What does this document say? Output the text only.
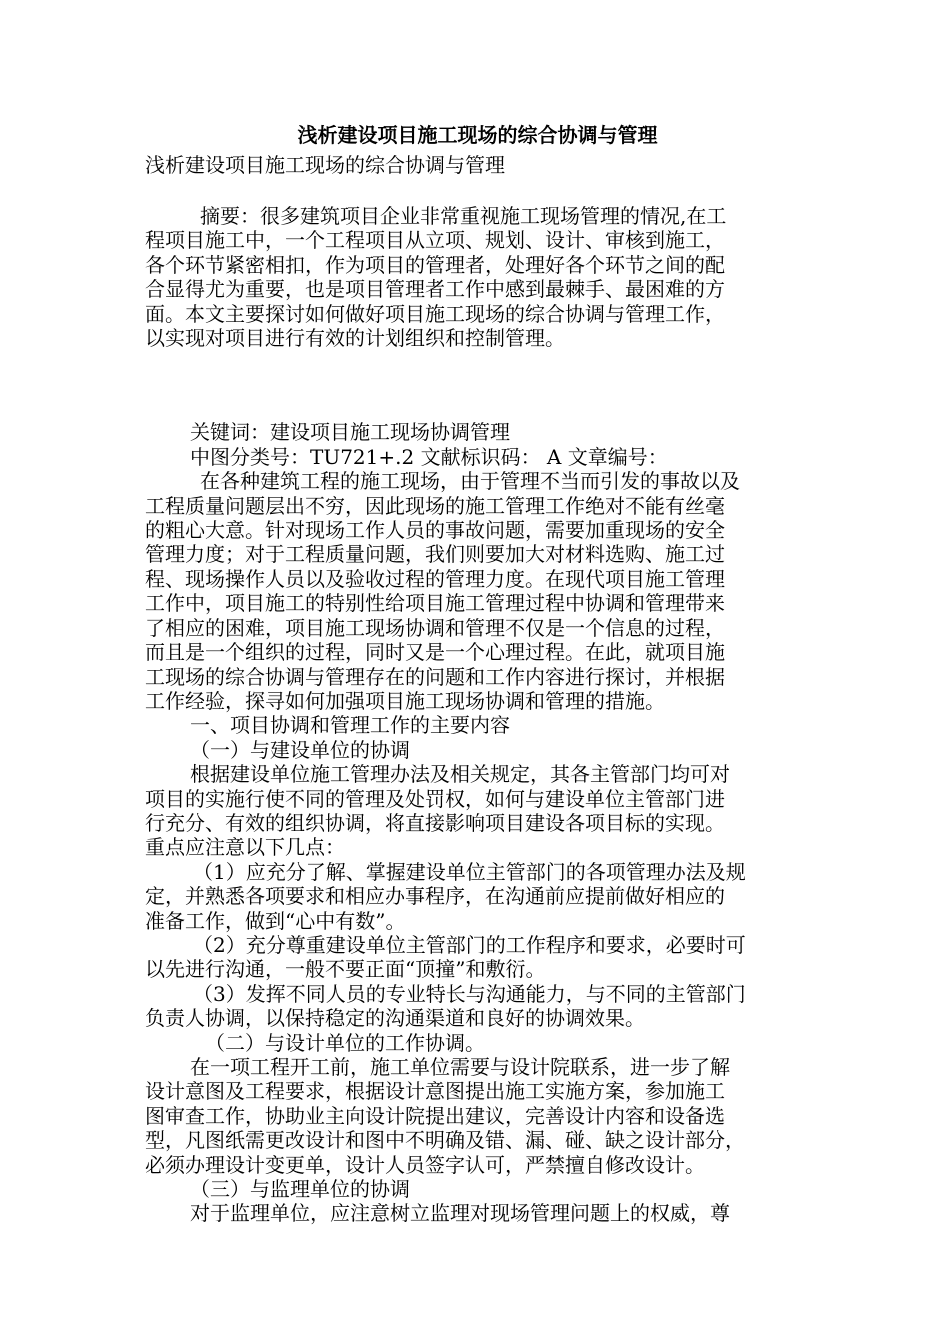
浅析建设项目施工现场的综合协调与管理
浅析建设项目施工现场的综合协调与管理
摘要：很多建筑项目企业非常重视施工现场管理的情况,在工
程项目施工中，一个工程项目从立项、规划、设计、审核到施工，
各个环节紧密相扣，作为项目的管理者，处理好各个环节之间的配
合显得尤为重要，也是项目管理者工作中感到最棘手、最困难的方
面。本文主要探讨如何做好项目施工现场的综合协调与管理工作，
以实现对项目进行有效的计划组织和控制管理。
关键词：建设项目施工现场协调管理
中图分类号：TU721+.2 文献标识码： A 文章编号：
在各种建筑工程的施工现场，由于管理不当而引发的事故以及
工程质量问题层出不穷，因此现场的施工管理工作绝对不能有丝毫
的粗心大意。针对现场工作人员的事故问题，需要加重现场的安全
管理力度；对于工程质量问题，我们则要加大对材料选购、施工过
程、现场操作人员以及验收过程的管理力度。在现代项目施工管理
工作中，项目施工的特别性给项目施工管理过程中协调和管理带来
了相应的困难，项目施工现场协调和管理不仅是一个信息的过程，
而且是一个组织的过程，同时又是一个心理过程。在此，就项目施
工现场的综合协调与管理存在的问题和工作内容进行探讨，并根据
工作经验，探寻如何加强项目施工现场协调和管理的措施。
一、项目协调和管理工作的主要内容
（一）与建设单位的协调
根据建设单位施工管理办法及相关规定，其各主管部门均可对
项目的实施行使不同的管理及处罚权，如何与建设单位主管部门进
行充分、有效的组织协调，将直接影响项目建设各项目标的实现。
重点应注意以下几点：
（1）应充分了解、掌握建设单位主管部门的各项管理办法及规
定，并熟悉各项要求和相应办事程序，在沟通前应提前做好相应的
准备工作，做到“心中有数”。
（2）充分尊重建设单位主管部门的工作程序和要求，必要时可
以先进行沟通，一般不要正面“顶撞”和敷衍。
（3）发挥不同人员的专业特长与沟通能力，与不同的主管部门
负责人协调，以保持稳定的沟通渠道和良好的协调效果。
（二）与设计单位的工作协调。
在一项工程开工前，施工单位需要与设计院联系，进一步了解
设计意图及工程要求，根据设计意图提出施工实施方案，参加施工
图审查工作，协助业主向设计院提出建议，完善设计内容和设备选
型，凡图纸需更改设计和图中不明确及错、漏、碰、缺之设计部分，
必须办理设计变更单，设计人员签字认可，严禁擅自修改设计。
（三）与监理单位的协调
对于监理单位，应注意树立监理对现场管理问题上的权威，尊
